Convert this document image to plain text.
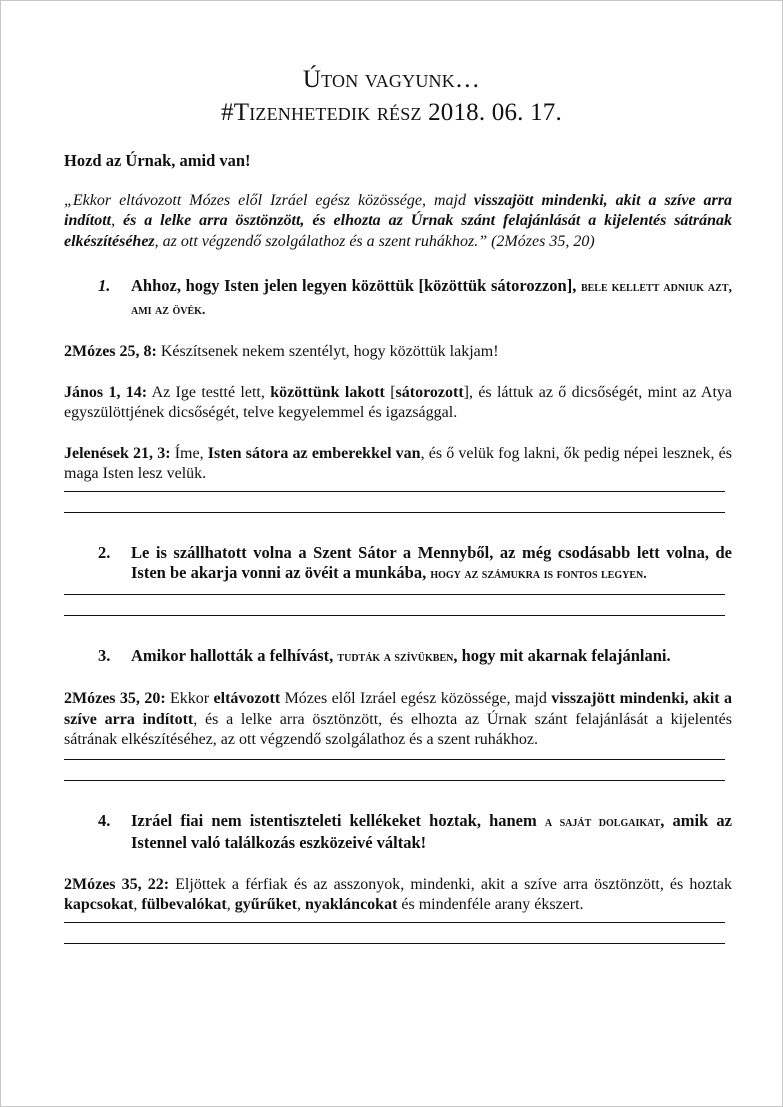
Úton vagyunk…
#Tizenhetedik rész 2018. 06. 17.

Hozd az Úrnak, amid van!

„Ekkor eltávozott Mózes elől Izráel egész közössége, majd visszajött mindenki, akit a szíve arra indított, és a lelke arra ösztönzött, és elhozta az Úrnak szánt felajánlását a kijelentés sátrának elkészítéséhez, az ott végzendő szolgálathoz és a szent ruhákhoz.” (2Mózes 35, 20)

1. Ahhoz, hogy Isten jelen legyen közöttük [közöttük sátorozzon], bele kellett adniuk azt, ami az övék.

2Mózes 25, 8: Készítsenek nekem szentélyt, hogy közöttük lakjam!

János 1, 14: Az Ige testté lett, közöttünk lakott [sátorozott], és láttuk az ő dicsőségét, mint az Atya egyszülöttjének dicsőségét, telve kegyelemmel és igazsággal.

Jelenések 21, 3: Íme, Isten sátora az emberekkel van, és ő velük fog lakni, ők pedig népei lesznek, és maga Isten lesz velük.

2. Le is szállhatott volna a Szent Sátor a Mennyből, az még csodásabb lett volna, de Isten be akarja vonni az övéit a munkába, hogy az számukra is fontos legyen.
3. Amikor hallották a felhívást, tudták a szívükben, hogy mit akarnak felajánlani.

2Mózes 35, 20: Ekkor eltávozott Mózes elől Izráel egész közössége, majd visszajött mindenki, akit a szíve arra indított, és a lelke arra ösztönzött, és elhozta az Úrnak szánt felajánlását a kijelentés sátrának elkészítéséhez, az ott végzendő szolgálathoz és a szent ruhákhoz.

4. Izráel fiai nem istentiszteleti kellékeket hoztak, hanem a saját dolgaikat, amik az Istennel való találkozás eszközeivé váltak!

2Mózes 35, 22: Eljöttek a férfiak és az asszonyok, mindenki, akit a szíve arra ösztönzött, és hoztak kapcsokat, fülbevalókat, gyűrűket, nyakláncokat és mindenféle arany ékszert.
